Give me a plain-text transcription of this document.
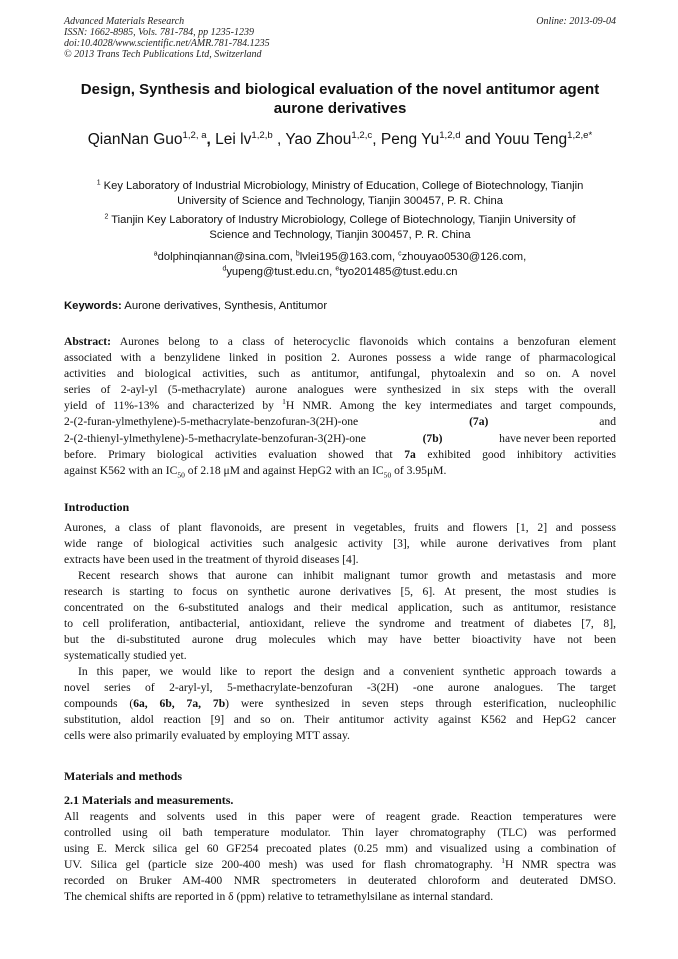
Advanced Materials Research
ISSN: 1662-8985, Vols. 781-784, pp 1235-1239
doi:10.4028/www.scientific.net/AMR.781-784.1235
© 2013 Trans Tech Publications Ltd, Switzerland
Online: 2013-09-04
Design, Synthesis and biological evaluation of the novel antitumor agent
aurone derivatives
QianNan Guo$^{1,2, a}$, Lei lv$^{1,2,b}$ , Yao Zhou$^{1,2,c}$, Peng Yu$^{1,2,d}$ and Youu Teng$^{1,2,e*}$
$^1$ Key Laboratory of Industrial Microbiology, Ministry of Education, College of Biotechnology, Tianjin
University of Science and Technology, Tianjin 300457, P. R. China
$^2$ Tianjin Key Laboratory of Industry Microbiology, College of Biotechnology, Tianjin University of
Science and Technology, Tianjin 300457, P. R. China
$^a$dolphinqiannan@sina.com, $^b$lvlei195@163.com, $^c$zhouyao0530@126.com,
$^d$yupeng@tust.edu.cn, $^e$tyo201485@tust.edu.cn
Keywords: Aurone derivatives, Synthesis, Antitumor
Abstract: Aurones belong to a class of heterocyclic flavonoids which contains a benzofuran element
associated with a benzylidene linked in position 2. Aurones possess a wide range of pharmacological
activities and biological activities, such as antitumor, antifungal, phytoalexin and so on. A novel
series of 2-ayl-yl (5-methacrylate) aurone analogues were synthesized in six steps with the overall
yield of 11%-13% and characterized by $^1$H NMR. Among the key intermediates and target compounds,
2-(2-furan-ylmethylene)-5-methacrylate-benzofuran-3(2H)-one	(7a)	and
2-(2-thienyl-ylmethylene)-5-methacrylate-benzofuran-3(2H)-one	(7b)	have never been reported
before. Primary biological activities evaluation showed that 7a exhibited good inhibitory activities
against K562 with an $IC_{50}$ of 2.18 μM and against HepG2 with an $IC_{50}$ of 3.95μM.
Introduction
Aurones, a class of plant flavonoids, are present in vegetables, fruits and flowers [1, 2] and possess
wide range of biological activities such analgesic activity [3], while aurone derivatives from plant
extracts have been used in the treatment of thyroid diseases [4].
Recent research shows that aurone can inhibit malignant tumor growth and metastasis and more
research is starting to focus on synthetic aurone derivatives [5, 6]. At present, the most studies is
concentrated on the 6-substituted analogs and their medical application, such as antitumor, resistance
to cell proliferation, antibacterial, antioxidant, relieve the syndrome and treatment of diabetes [7, 8],
but the di-substituted aurone drug molecules which may have better bioactivity have not been
systematically studied yet.
In this paper, we would like to report the design and a convenient synthetic approach towards a
novel series of 2-aryl-yl, 5-methacrylate-benzofuran -3(2H) -one aurone analogues. The target
compounds (6a, 6b, 7a, 7b) were synthesized in seven steps through esterification, nucleophilic
substitution, aldol reaction [9] and so on. Their antitumor activity against K562 and HepG2 cancer
cells were also primarily evaluated by employing MTT assay.
Materials and methods
2.1 Materials and measurements.
All reagents and solvents used in this paper were of reagent grade. Reaction temperatures were
controlled using oil bath temperature modulator. Thin layer chromatography (TLC) was performed
using E. Merck silica gel 60 GF254 precoated plates (0.25 mm) and visualized using a combination of
UV. Silica gel (particle size 200-400 mesh) was used for flash chromatography. $^1$H NMR spectra was
recorded on Bruker AM-400 NMR spectrometers in deuterated chloroform and deuterated DMSO.
The chemical shifts are reported in δ (ppm) relative to tetramethylsilane as internal standard.
